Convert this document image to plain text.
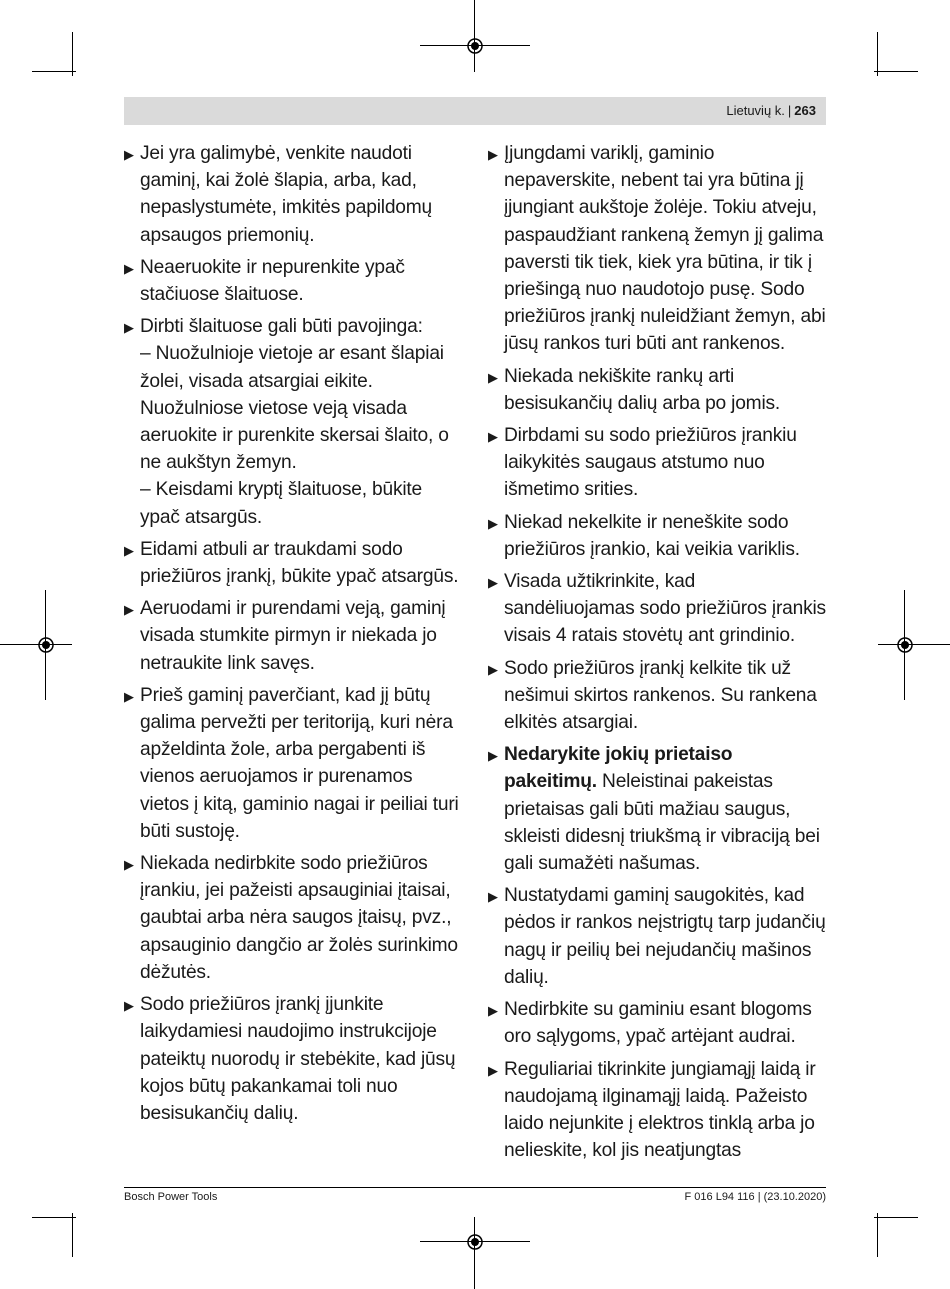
Lietuvių k. | 263
▶ Jei yra galimybė, venkite naudoti gaminį, kai žolė šlapia, arba, kad, nepaslystumėte, imkitės papildomų apsaugos priemonių.
▶ Neaeruokite ir nepurenkite ypač stačiuose šlaituose.
▶ Dirbti šlaituose gali būti pavojinga:
– Nuožulnioje vietoje ar esant šlapiai žolei, visada atsargiai eikite. Nuožulniose vietose veją visada aeruokite ir purenkite skersai šlaito, o ne aukštyn žemyn.
– Keisdami kryptį šlaituose, būkite ypač atsargūs.
▶ Eidami atbuli ar traukdami sodo priežiūros įrankį, būkite ypač atsargūs.
▶ Aeruodami ir purendami veją, gaminį visada stumkite pirmyn ir niekada jo netraukite link savęs.
▶ Prieš gaminį paverčiant, kad jį būtų galima pervežti per teritoriją, kuri nėra apželdinta žole, arba pergabenti iš vienos aeruojamos ir purenamos vietos į kitą, gaminio nagai ir peiliai turi būti sustoję.
▶ Niekada nedirbkite sodo priežiūros įrankiu, jei pažeisti apsauginiai įtaisai, gaubtai arba nėra saugos įtaisų, pvz., apsauginio dangčio ar žolės surinkimo dėžutės.
▶ Sodo priežiūros įrankį įjunkite laikydamiesi naudojimo instrukcijoje pateiktų nuorodų ir stebėkite, kad jūsų kojos būtų pakankamai toli nuo besisukančių dalių.
▶ Įjungdami variklį, gaminio nepaverskite, nebent tai yra būtina jį įjungiant aukštoje žolėje. Tokiu atveju, paspaudžiant rankeną žemyn jį galima paversti tik tiek, kiek yra būtina, ir tik į priešingą nuo naudotojo pusę. Sodo priežiūros įrankį nuleidžiant žemyn, abi jūsų rankos turi būti ant rankenos.
▶ Niekada nekiškite rankų arti besisukančių dalių arba po jomis.
▶ Dirbdami su sodo priežiūros įrankiu laikykitės saugaus atstumo nuo išmetimo srities.
▶ Niekad nekelkite ir neneškite sodo priežiūros įrankio, kai veikia variklis.
▶ Visada užtikrinkite, kad sandėliuojamas sodo priežiūros įrankis visais 4 ratais stovėtų ant grindinio.
▶ Sodo priežiūros įrankį kelkite tik už nešimui skirtos rankenos. Su rankena elkitės atsargiai.
▶ Nedarykite jokių prietaiso pakeitimų. Neleistinai pakeistas prietaisas gali būti mažiau saugus, skleisti didesnį triukšmą ir vibraciją bei gali sumažėti našumas.
▶ Nustatydami gaminį saugokitės, kad pėdos ir rankos neįstrigtų tarp judančių nagų ir peilių bei nejudančių mašinos dalių.
▶ Nedirbkite su gaminiu esant blogoms oro sąlygoms, ypač artėjant audrai.
▶ Reguliariai tikrinkite jungiamąjį laidą ir naudojamą ilginamąjį laidą. Pažeisto laido nejunkite į elektros tinklą arba jo nelieskite, kol jis neatjungtas
Bosch Power Tools	F 016 L94 116 | (23.10.2020)
